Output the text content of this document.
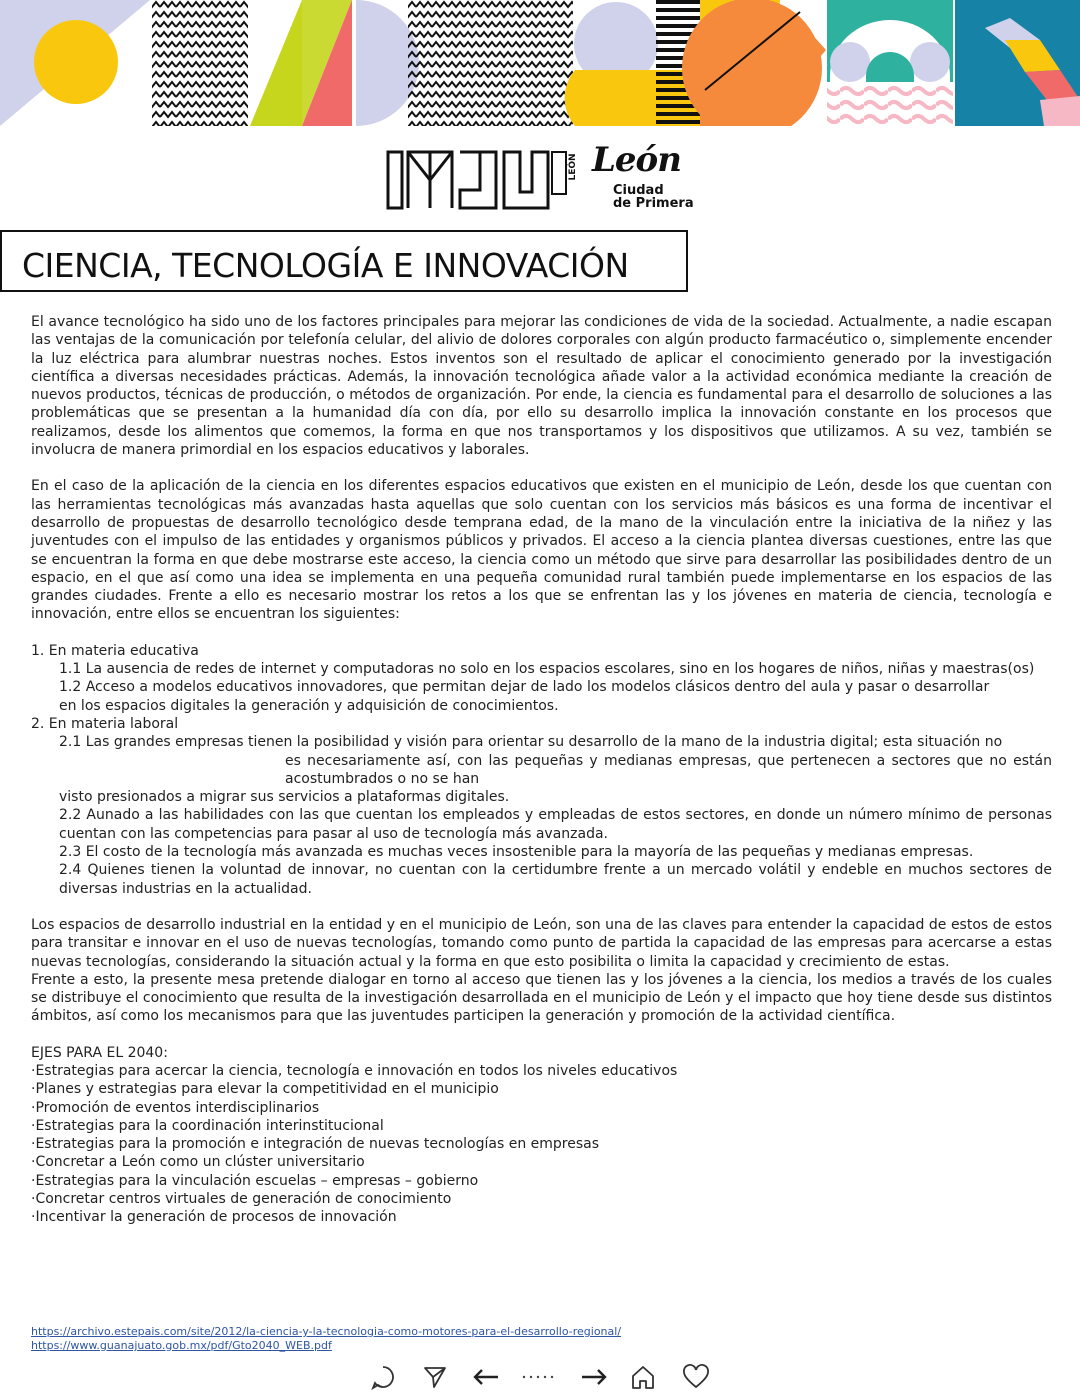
LEÓN León
Ciudad
de Primera
CIENCIA, TECNOLOGÍA E INNOVACIÓN

El avance tecnológico ha sido uno de los factores principales para mejorar las condiciones de vida de la sociedad. Actualmente, a nadie escapan las ventajas de la comunicación por telefonía celular, del alivio de dolores corporales con algún producto farmacéutico o, simplemente encender la luz eléctrica para alumbrar nuestras noches. Estos inventos son el resultado de aplicar el conocimiento generado por la investigación científica a diversas necesidades prácticas. Además, la innovación tecnológica añade valor a la actividad económica mediante la creación de nuevos productos, técnicas de producción, o métodos de organización. Por ende, la ciencia es fundamental para el desarrollo de soluciones a las problemáticas que se presentan a la humanidad día con día, por ello su desarrollo implica la innovación constante en los procesos que realizamos, desde los alimentos que comemos, la forma en que nos transportamos y los dispositivos que utilizamos. A su vez, también se involucra de manera primordial en los espacios educativos y laborales.

En el caso de la aplicación de la ciencia en los diferentes espacios educativos que existen en el municipio de León, desde los que cuentan con las herramientas tecnológicas más avanzadas hasta aquellas que solo cuentan con los servicios más básicos es una forma de incentivar el desarrollo de propuestas de desarrollo tecnológico desde temprana edad, de la mano de la vinculación entre la iniciativa de la niñez y las juventudes con el impulso de las entidades y organismos públicos y privados. El acceso a la ciencia plantea diversas cuestiones, entre las que se encuentran la forma en que debe mostrarse este acceso, la ciencia como un método que sirve para desarrollar las posibilidades dentro de un espacio, en el que así como una idea se implementa en una pequeña comunidad rural también puede implementarse en los espacios de las grandes ciudades. Frente a ello es necesario mostrar los retos a los que se enfrentan las y los jóvenes en materia de ciencia, tecnología e innovación, entre ellos se encuentran los siguientes:

1. En materia educativa

1.1 La ausencia de redes de internet y computadoras no solo en los espacios escolares, sino en los hogares de niños, niñas y maestras(os)

1.2 Acceso a modelos educativos innovadores, que permitan dejar de lado los modelos clásicos dentro del aula y pasar o desarrollar

en los espacios digitales la generación y adquisición de conocimientos.

2. En materia laboral

2.1 Las grandes empresas tienen la posibilidad y visión para orientar su desarrollo de la mano de la industria digital; esta situación no

es necesariamente así, con las pequeñas y medianas empresas, que pertenecen a sectores que no están acostumbrados o no se han

visto presionados a migrar sus servicios a plataformas digitales.

2.2 Aunado a las habilidades con las que cuentan los empleados y empleadas de estos sectores, en donde un número mínimo de personas cuentan con las competencias para pasar al uso de tecnología más avanzada.

2.3 El costo de la tecnología más avanzada es muchas veces insostenible para la mayoría de las pequeñas y medianas empresas.

2.4 Quienes tienen la voluntad de innovar, no cuentan con la certidumbre frente a un mercado volátil y endeble en muchos sectores de diversas industrias en la actualidad.

Los espacios de desarrollo industrial en la entidad y en el municipio de León, son una de las claves para entender la capacidad de estos de estos para transitar e innovar en el uso de nuevas tecnologías, tomando como punto de partida la capacidad de las empresas para acercarse a estas nuevas tecnologías, considerando la situación actual y la forma en que esto posibilita o limita la capacidad y crecimiento de estas.

Frente a esto, la presente mesa pretende dialogar en torno al acceso que tienen las y los jóvenes a la ciencia, los medios a través de los cuales se distribuye el conocimiento que resulta de la investigación desarrollada en el municipio de León y el impacto que hoy tiene desde sus distintos ámbitos, así como los mecanismos para que las juventudes participen la generación y promoción de la actividad científica.

EJES PARA EL 2040:

·Estrategias para acercar la ciencia, tecnología e innovación en todos los niveles educativos

·Planes y estrategias para elevar la competitividad en el municipio

·Promoción de eventos interdisciplinarios

·Estrategias para la coordinación interinstitucional

·Estrategias para la promoción e integración de nuevas tecnologías en empresas

·Concretar a León como un clúster universitario

·Estrategias para la vinculación escuelas – empresas – gobierno

·Concretar centros virtuales de generación de conocimiento

·Incentivar la generación de procesos de innovación

https://archivo.estepais.com/site/2012/la-ciencia-y-la-tecnologia-como-motores-para-el-desarrollo-regional/
https://www.guanajuato.gob.mx/pdf/Gto2040_WEB.pdf
